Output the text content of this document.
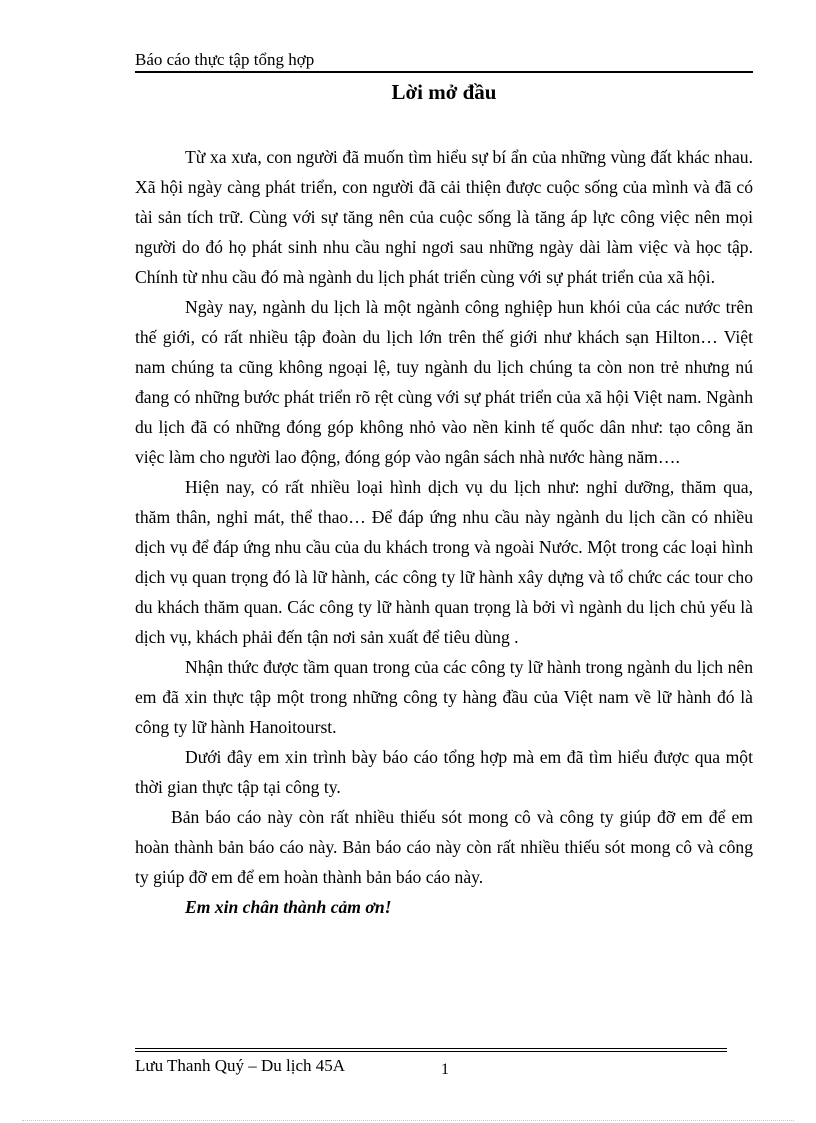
Báo cáo thực tập tổng hợp
Lời mở đầu

Từ xa xưa, con người đã muốn tìm hiểu sự bí ẩn của những vùng đất khác nhau. Xã hội ngày càng phát triển, con người đã cải thiện được cuộc sống của mình và đã có tài sản tích trữ. Cùng với sự tăng nên của cuộc sống là tăng áp lực công việc nên mọi người do đó họ phát sinh nhu cầu nghỉ ngơi sau những ngày dài làm việc và học tập. Chính từ nhu cầu đó mà ngành du lịch phát triển cùng với sự phát triển của xã hội.

Ngày nay, ngành du lịch là một ngành công nghiệp hun khói của các nước trên thế giới, có rất nhiều tập đoàn du lịch lớn trên thế giới như khách sạn Hilton… Việt nam chúng ta cũng không ngoại lệ, tuy ngành du lịch chúng ta còn non trẻ nhưng nú đang có những bước phát triển rõ rệt cùng với sự phát triển của xã hội Việt nam. Ngành du lịch đã có những đóng góp không nhỏ vào nền kinh tế quốc dân như: tạo công ăn việc làm cho người lao động, đóng góp vào ngân sách nhà nước hàng năm….

Hiện nay, có rất nhiều loại hình dịch vụ du lịch như: nghỉ dưỡng, thăm qua, thăm thân, nghỉ mát, thể thao… Để đáp ứng nhu cầu này ngành du lịch cần có nhiều dịch vụ để đáp ứng nhu cầu của du khách trong và ngoài Nước. Một trong các loại hình dịch vụ quan trọng đó là lữ hành, các công ty lữ hành xây dựng và tổ chức các tour cho du khách thăm quan. Các công ty lữ hành quan trọng là bởi vì ngành du lịch chủ yếu là dịch vụ, khách phải đến tận nơi sản xuất để tiêu dùng .

Nhận thức được tầm quan trong của các công ty lữ hành trong ngành du lịch nên em đã xin thực tập một trong những công ty hàng đầu của Việt nam về lữ hành đó là công ty lữ hành Hanoitourst.

Dưới đây em xin trình bày báo cáo tổng hợp mà em đã tìm hiểu được qua một thời gian thực tập tại công ty.

Bản báo cáo này còn rất nhiều thiếu sót mong cô và công ty giúp đỡ em để em hoàn thành bản báo cáo này. Bản báo cáo này còn rất nhiều thiếu sót mong cô và công ty giúp đỡ em để em hoàn thành bản báo cáo này.

Em xin chân thành cảm ơn!

Lưu Thanh Quý – Du lịch 45A	1
